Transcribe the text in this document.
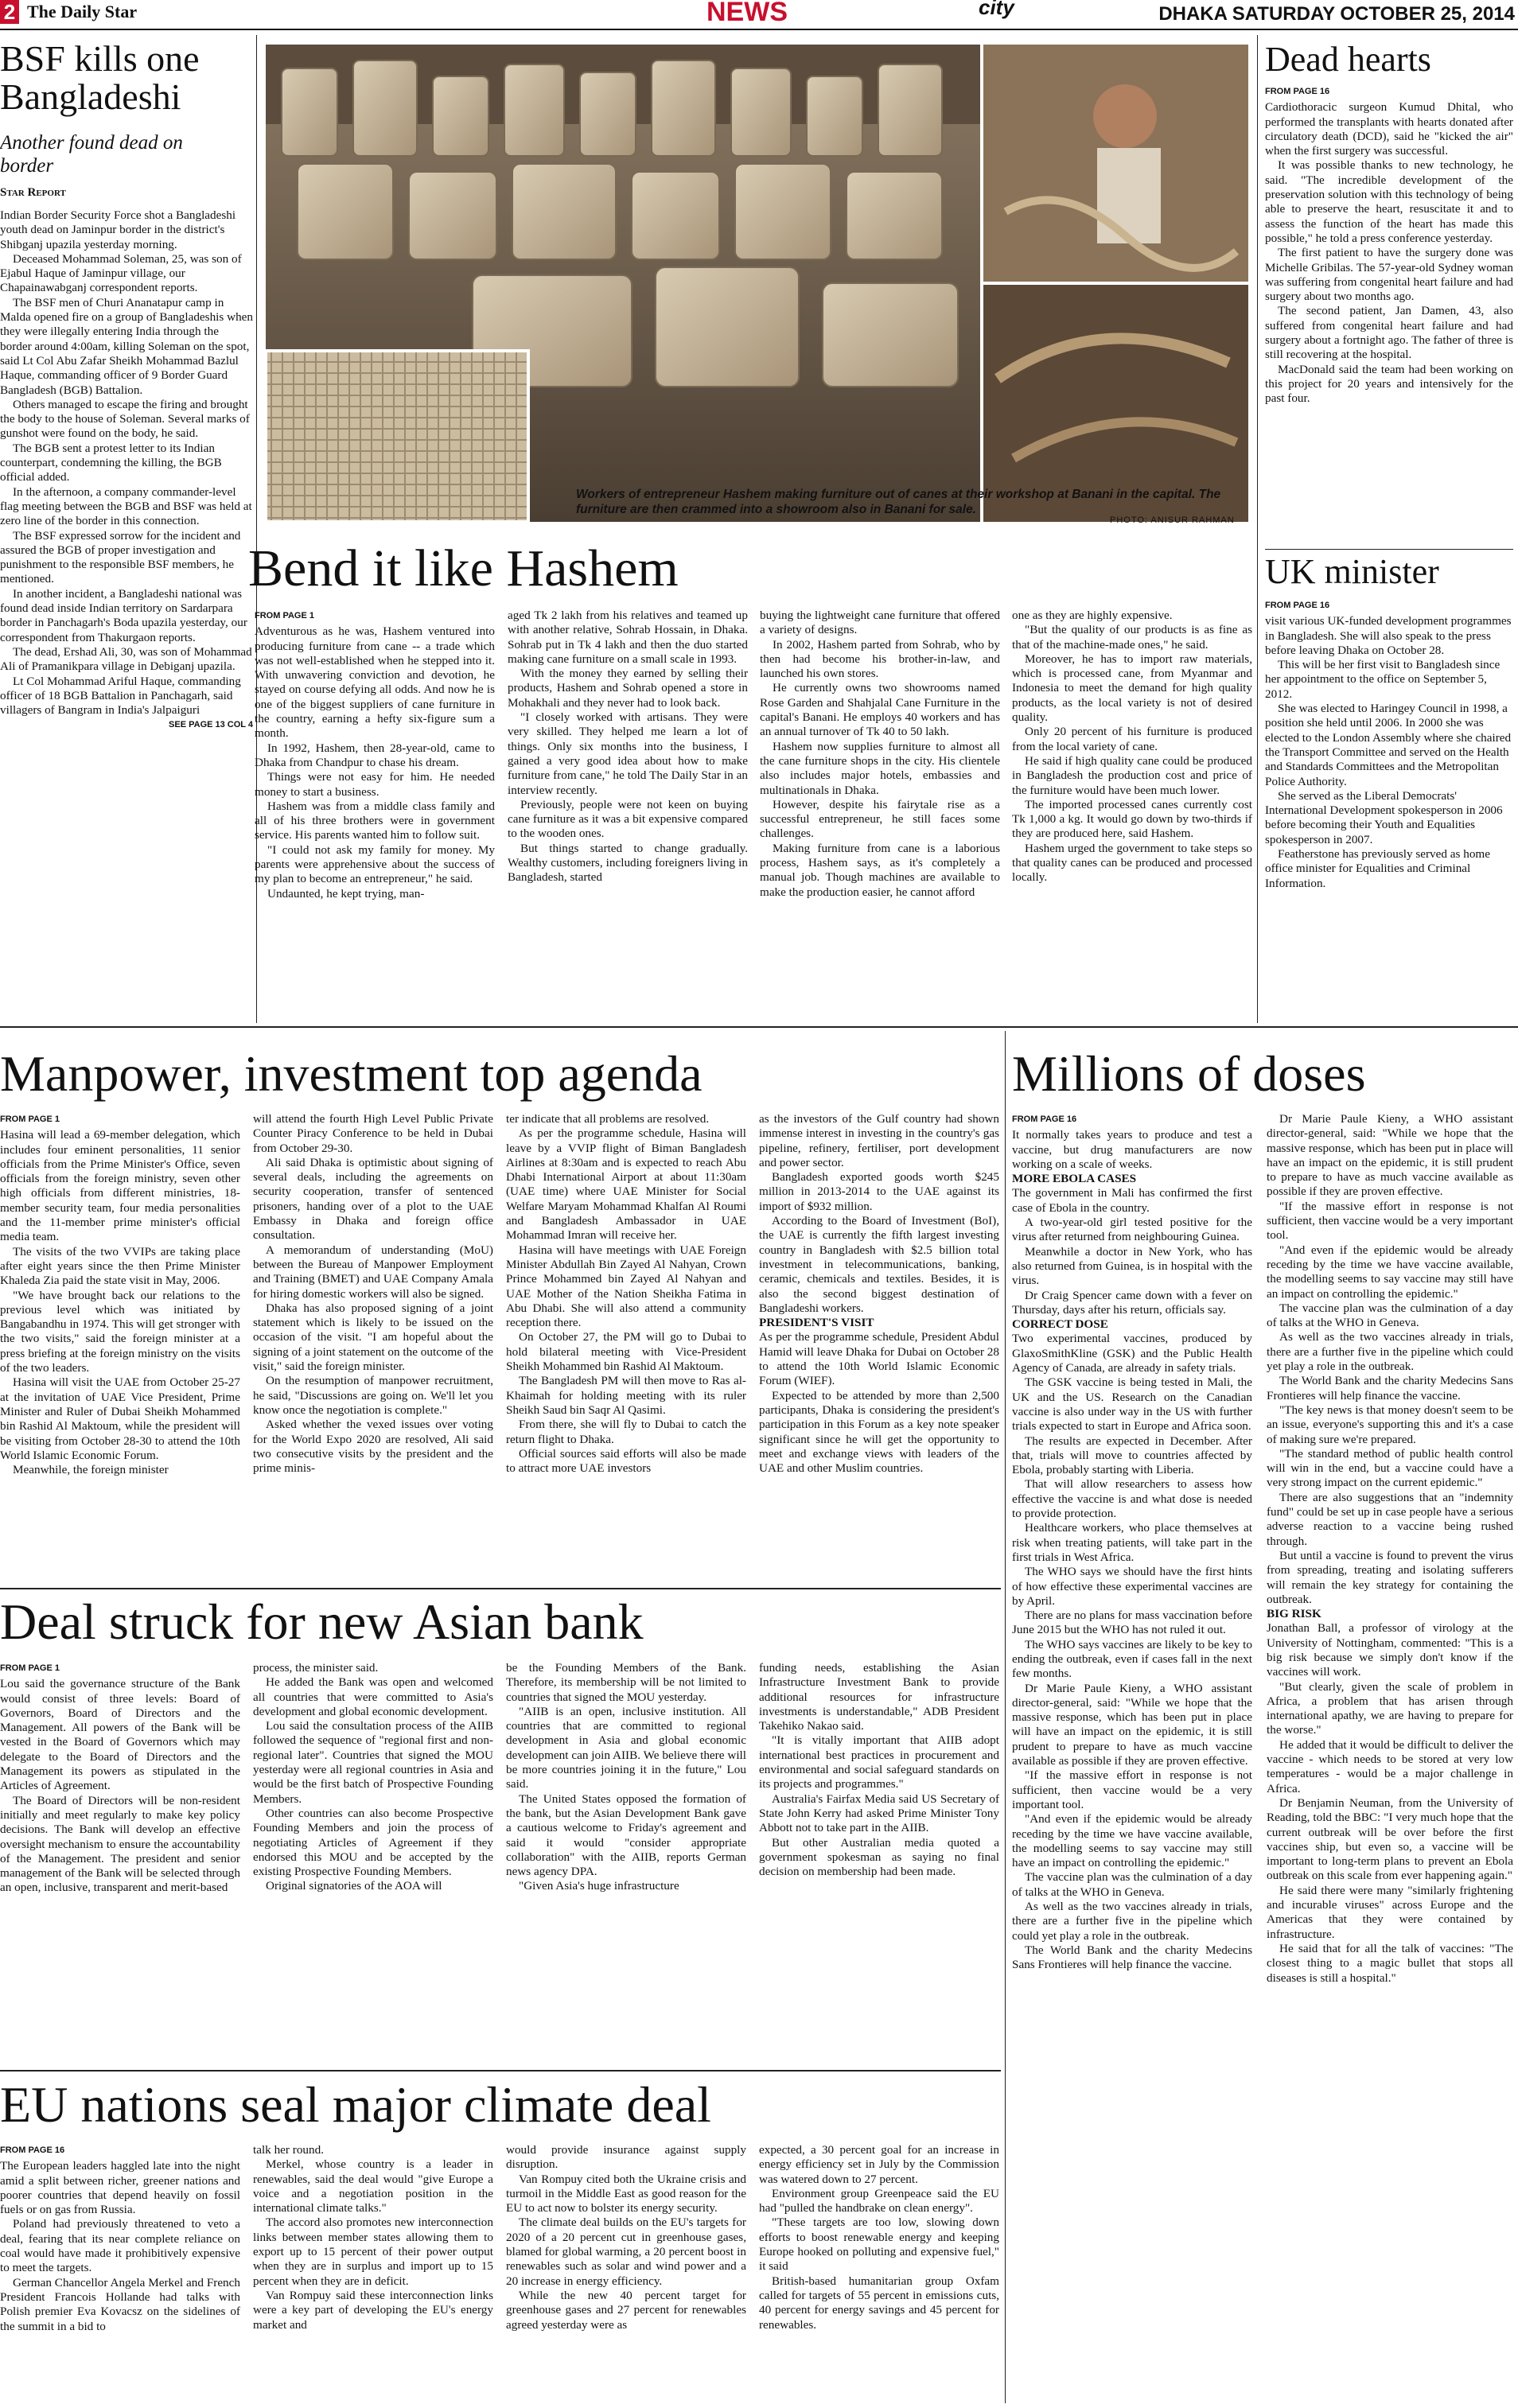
2 The Daily Star	NEWS	city	DHAKA SATURDAY OCTOBER 25, 2014
BSF kills one Bangladeshi
Another found dead on border
Star Report

Indian Border Security Force shot a Bangladeshi youth dead on Jaminpur border in the district's Shibganj upazila yesterday morning.

Deceased Mohammad Soleman, 25, was son of Ejabul Haque of Jaminpur village, our Chapainawabganj correspondent reports.

The BSF men of Churi Ananatapur camp in Malda opened fire on a group of Bangladeshis when they were illegally entering India through the border around 4:00am, killing Soleman on the spot, said Lt Col Abu Zafar Sheikh Mohammad Bazlul Haque, commanding officer of 9 Border Guard Bangladesh (BGB) Battalion.

Others managed to escape the firing and brought the body to the house of Soleman. Several marks of gunshot were found on the body, he said.

The BGB sent a protest letter to its Indian counterpart, condemning the killing, the BGB official added.

In the afternoon, a company commander-level flag meeting between the BGB and BSF was held at zero line of the border in this connection.

The BSF expressed sorrow for the incident and assured the BGB of proper investigation and punishment to the responsible BSF members, he mentioned.

In another incident, a Bangladeshi national was found dead inside Indian territory on Sardarpara border in Panchagarh's Boda upazila yesterday, our correspondent from Thakurgaon reports.

The dead, Ershad Ali, 30, was son of Mohammad Ali of Pramanikpara village in Debiganj upazila.

Lt Col Mohammad Ariful Haque, commanding officer of 18 BGB Battalion in Panchagarh, said villagers of Bangram in India's Jalpaiguri

SEE PAGE 13 COL 4
Workers of entrepreneur Hashem making furniture out of canes at their workshop at Banani in the capital. The furniture are then crammed into a showroom also in Banani for sale.
PHOTO: ANISUR RAHMAN
Bend it like Hashem
FROM PAGE 1

Adventurous as he was, Hashem ventured into producing furniture from cane -- a trade which was not well-established when he stepped into it. With unwavering conviction and devotion, he stayed on course defying all odds. And now he is one of the biggest suppliers of cane furniture in the country, earning a hefty six-figure sum a month.

In 1992, Hashem, then 28-year-old, came to Dhaka from Chandpur to chase his dream.

Things were not easy for him. He needed money to start a business.

Hashem was from a middle class family and all of his three brothers were in government service. His parents wanted him to follow suit.

"I could not ask my family for money. My parents were apprehensive about the success of my plan to become an entrepreneur," he said.

Undaunted, he kept trying, man-

aged Tk 2 lakh from his relatives and teamed up with another relative, Sohrab Hossain, in Dhaka. Sohrab put in Tk 4 lakh and then the duo started making cane furniture on a small scale in 1993.

With the money they earned by selling their products, Hashem and Sohrab opened a store in Mohakhali and they never had to look back.

"I closely worked with artisans. They were very skilled. They helped me learn a lot of things. Only six months into the business, I gained a very good idea about how to make furniture from cane," he told The Daily Star in an interview recently.

Previously, people were not keen on buying cane furniture as it was a bit expensive compared to the wooden ones.

But things started to change gradually. Wealthy customers, including foreigners living in Bangladesh, started

buying the lightweight cane furniture that offered a variety of designs.

In 2002, Hashem parted from Sohrab, who by then had become his brother-in-law, and launched his own stores.

He currently owns two showrooms named Rose Garden and Shahjalal Cane Furniture in the capital's Banani. He employs 40 workers and has an annual turnover of Tk 40 to 50 lakh.

Hashem now supplies furniture to almost all the cane furniture shops in the city. His clientele also includes major hotels, embassies and multinationals in Dhaka.

However, despite his fairytale rise as a successful entrepreneur, he still faces some challenges.

Making furniture from cane is a laborious process, Hashem says, as it's completely a manual job. Though machines are available to make the production easier, he cannot afford

one as they are highly expensive.

"But the quality of our products is as fine as that of the machine-made ones," he said.

Moreover, he has to import raw materials, which is processed cane, from Myanmar and Indonesia to meet the demand for high quality products, as the local variety is not of desired quality.

Only 20 percent of his furniture is produced from the local variety of cane.

He said if high quality cane could be produced in Bangladesh the production cost and price of the furniture would have been much lower.

The imported processed canes currently cost Tk 1,000 a kg. It would go down by two-thirds if they are produced here, said Hashem.

Hashem urged the government to take steps so that quality canes can be produced and processed locally.

Dead hearts
FROM PAGE 16

Cardiothoracic surgeon Kumud Dhital, who performed the transplants with hearts donated after circulatory death (DCD), said he "kicked the air" when the first surgery was successful.

It was possible thanks to new technology, he said. "The incredible development of the preservation solution with this technology of being able to preserve the heart, resuscitate it and to assess the function of the heart has made this possible," he told a press conference yesterday.

The first patient to have the surgery done was Michelle Gribilas. The 57-year-old Sydney woman was suffering from congenital heart failure and had surgery about two months ago.

The second patient, Jan Damen, 43, also suffered from congenital heart failure and had surgery about a fortnight ago. The father of three is still recovering at the hospital.

MacDonald said the team had been working on this project for 20 years and intensively for the past four.

UK minister
FROM PAGE 16

visit various UK-funded development programmes in Bangladesh. She will also speak to the press before leaving Dhaka on October 28.

This will be her first visit to Bangladesh since her appointment to the office on September 5, 2012.

She was elected to Haringey Council in 1998, a position she held until 2006. In 2000 she was elected to the London Assembly where she chaired the Transport Committee and served on the Health and Standards Committees and the Metropolitan Police Authority.

She served as the Liberal Democrats' International Development spokesperson in 2006 before becoming their Youth and Equalities spokesperson in 2007.

Featherstone has previously served as home office minister for Equalities and Criminal Information.

Manpower, investment top agenda
FROM PAGE 1

Hasina will lead a 69-member delegation, which includes four eminent personalities, 11 senior officials from the Prime Minister's Office, seven officials from the foreign ministry, seven other high officials from different ministries, 18-member security team, four media personalities and the 11-member prime minister's official media team.

The visits of the two VVIPs are taking place after eight years since the then Prime Minister Khaleda Zia paid the state visit in May, 2006.

"We have brought back our relations to the previous level which was initiated by Bangabandhu in 1974. This will get stronger with the two visits," said the foreign minister at a press briefing at the foreign ministry on the visits of the two leaders.

Hasina will visit the UAE from October 25-27 at the invitation of UAE Vice President, Prime Minister and Ruler of Dubai Sheikh Mohammed bin Rashid Al Maktoum, while the president will be visiting from October 28-30 to attend the 10th World Islamic Economic Forum.

Meanwhile, the foreign minister

will attend the fourth High Level Public Private Counter Piracy Conference to be held in Dubai from October 29-30.

Ali said Dhaka is optimistic about signing of several deals, including the agreements on security cooperation, transfer of sentenced prisoners, handing over of a plot to the UAE Embassy in Dhaka and foreign office consultation.

A memorandum of understanding (MoU) between the Bureau of Manpower Employment and Training (BMET) and UAE Company Amala for hiring domestic workers will also be signed.

Dhaka has also proposed signing of a joint statement which is likely to be issued on the occasion of the visit. "I am hopeful about the signing of a joint statement on the outcome of the visit," said the foreign minister.

On the resumption of manpower recruitment, he said, "Discussions are going on. We'll let you know once the negotiation is complete."

Asked whether the vexed issues over voting for the World Expo 2020 are resolved, Ali said two consecutive visits by the president and the prime minis-

ter indicate that all problems are resolved.

As per the programme schedule, Hasina will leave by a VVIP flight of Biman Bangladesh Airlines at 8:30am and is expected to reach Abu Dhabi International Airport at about 11:30am (UAE time) where UAE Minister for Social Welfare Maryam Mohammad Khalfan Al Roumi and Bangladesh Ambassador in UAE Mohammad Imran will receive her.

Hasina will have meetings with UAE Foreign Minister Abdullah Bin Zayed Al Nahyan, Crown Prince Mohammed bin Zayed Al Nahyan and UAE Mother of the Nation Sheikha Fatima in Abu Dhabi. She will also attend a community reception there.

On October 27, the PM will go to Dubai to hold bilateral meeting with Vice-President Sheikh Mohammed bin Rashid Al Maktoum.

The Bangladesh PM will then move to Ras al-Khaimah for holding meeting with its ruler Sheikh Saud bin Saqr Al Qasimi.

From there, she will fly to Dubai to catch the return flight to Dhaka.

Official sources said efforts will also be made to attract more UAE investors

as the investors of the Gulf country had shown immense interest in investing in the country's gas pipeline, refinery, fertiliser, port development and power sector.

Bangladesh exported goods worth $245 million in 2013-2014 to the UAE against its import of $932 million.

According to the Board of Investment (BoI), the UAE is currently the fifth largest investing country in Bangladesh with $2.5 billion total investment in telecommunications, banking, ceramic, chemicals and textiles. Besides, it is also the second biggest destination of Bangladeshi workers.

PRESIDENT'S VISIT

As per the programme schedule, President Abdul Hamid will leave Dhaka for Dubai on October 28 to attend the 10th World Islamic Economic Forum (WIEF).

Expected to be attended by more than 2,500 participants, Dhaka is considering the president's participation in this Forum as a key note speaker significant since he will get the opportunity to meet and exchange views with leaders of the UAE and other Muslim countries.

Millions of doses
FROM PAGE 16

It normally takes years to produce and test a vaccine, but drug manufacturers are now working on a scale of weeks.

MORE EBOLA CASES

The government in Mali has confirmed the first case of Ebola in the country.

A two-year-old girl tested positive for the virus after returned from neighbouring Guinea.

Meanwhile a doctor in New York, who has also returned from Guinea, is in hospital with the virus.

Dr Craig Spencer came down with a fever on Thursday, days after his return, officials say.

CORRECT DOSE

Two experimental vaccines, produced by GlaxoSmithKline (GSK) and the Public Health Agency of Canada, are already in safety trials.

The GSK vaccine is being tested in Mali, the UK and the US. Research on the Canadian vaccine is also under way in the US with further trials expected to start in Europe and Africa soon.

The results are expected in December. After that, trials will move to countries affected by Ebola, probably starting with Liberia.

That will allow researchers to assess how effective the vaccine is and what dose is needed to provide protection.

Healthcare workers, who place themselves at risk when treating patients, will take part in the first trials in West Africa.

The WHO says we should have the first hints of how effective these experimental vaccines are by April.

There are no plans for mass vaccination before June 2015 but the WHO has not ruled it out.

The WHO says vaccines are likely to be key to ending the outbreak, even if cases fall in the next few months.

Dr Marie Paule Kieny, a WHO assistant director-general, said: "While we hope that the massive response, which has been put in place will have an impact on the epidemic, it is still prudent to prepare to have as much vaccine available as possible if they are proven effective.

"If the massive effort in response is not sufficient, then vaccine would be a very important tool.

"And even if the epidemic would be already receding by the time we have vaccine available, the modelling seems to say vaccine may still have an impact on controlling the epidemic."

The vaccine plan was the culmination of a day of talks at the WHO in Geneva.

As well as the two vaccines already in trials, there are a further five in the pipeline which could yet play a role in the outbreak.

The World Bank and the charity Medecins Sans Frontieres will help finance the vaccine.

Dr Marie Paule Kieny, a WHO assistant director-general, said: "While we hope that the massive response, which has been put in place will have an impact on the epidemic, it is still prudent to prepare to have as much vaccine available as possible if they are proven effective.

"If the massive effort in response is not sufficient, then vaccine would be a very important tool.

"And even if the epidemic would be already receding by the time we have vaccine available, the modelling seems to say vaccine may still have an impact on controlling the epidemic."

The vaccine plan was the culmination of a day of talks at the WHO in Geneva.

As well as the two vaccines already in trials, there are a further five in the pipeline which could yet play a role in the outbreak.

The World Bank and the charity Medecins Sans Frontieres will help finance the vaccine.

"The key news is that money doesn't seem to be an issue, everyone's supporting this and it's a case of making sure we're prepared.

"The standard method of public health control will win in the end, but a vaccine could have a very strong impact on the current epidemic."

There are also suggestions that an "indemnity fund" could be set up in case people have a serious adverse reaction to a vaccine being rushed through.

But until a vaccine is found to prevent the virus from spreading, treating and isolating sufferers will remain the key strategy for containing the outbreak.

BIG RISK

Jonathan Ball, a professor of virology at the University of Nottingham, commented: "This is a big risk because we simply don't know if the vaccines will work.

"But clearly, given the scale of problem in Africa, a problem that has arisen through international apathy, we are having to prepare for the worse."

He added that it would be difficult to deliver the vaccine - which needs to be stored at very low temperatures - would be a major challenge in Africa.

Dr Benjamin Neuman, from the University of Reading, told the BBC: "I very much hope that the current outbreak will be over before the first vaccines ship, but even so, a vaccine will be important to long-term plans to prevent an Ebola outbreak on this scale from ever happening again."

He said there were many "similarly frightening and incurable viruses" across Europe and the Americas that they were contained by infrastructure.

He said that for all the talk of vaccines: "The closest thing to a magic bullet that stops all diseases is still a hospital."

Deal struck for new Asian bank
FROM PAGE 1

Lou said the governance structure of the Bank would consist of three levels: Board of Governors, Board of Directors and the Management. All powers of the Bank will be vested in the Board of Governors which may delegate to the Board of Directors and the Management its powers as stipulated in the Articles of Agreement.

The Board of Directors will be non-resident initially and meet regularly to make key policy decisions. The Bank will develop an effective oversight mechanism to ensure the accountability of the Management. The president and senior management of the Bank will be selected through an open, inclusive, transparent and merit-based

process, the minister said.

He added the Bank was open and welcomed all countries that were committed to Asia's development and global economic development.

Lou said the consultation process of the AIIB followed the sequence of "regional first and non-regional later". Countries that signed the MOU yesterday were all regional countries in Asia and would be the first batch of Prospective Founding Members.

Other countries can also become Prospective Founding Members and join the process of negotiating Articles of Agreement if they endorsed this MOU and be accepted by the existing Prospective Founding Members.

Original signatories of the AOA will

be the Founding Members of the Bank. Therefore, its membership will be not limited to countries that signed the MOU yesterday.

"AIIB is an open, inclusive institution. All countries that are committed to regional development in Asia and global economic development can join AIIB. We believe there will be more countries joining it in the future," Lou said.

The United States opposed the formation of the bank, but the Asian Development Bank gave a cautious welcome to Friday's agreement and said it would "consider appropriate collaboration" with the AIIB, reports German news agency DPA.

"Given Asia's huge infrastructure

funding needs, establishing the Asian Infrastructure Investment Bank to provide additional resources for infrastructure investments is understandable," ADB President Takehiko Nakao said.

"It is vitally important that AIIB adopt international best practices in procurement and environmental and social safeguard standards on its projects and programmes."

Australia's Fairfax Media said US Secretary of State John Kerry had asked Prime Minister Tony Abbott not to take part in the AIIB.

But other Australian media quoted a government spokesman as saying no final decision on membership had been made.

EU nations seal major climate deal
FROM PAGE 16

The European leaders haggled late into the night amid a split between richer, greener nations and poorer countries that depend heavily on fossil fuels or on gas from Russia.

Poland had previously threatened to veto a deal, fearing that its near complete reliance on coal would have made it prohibitively expensive to meet the targets.

German Chancellor Angela Merkel and French President Francois Hollande had talks with Polish premier Eva Kovacsz on the sidelines of the summit in a bid to

talk her round.

Merkel, whose country is a leader in renewables, said the deal would "give Europe a voice and a negotiation position in the international climate talks."

The accord also promotes new interconnection links between member states allowing them to export up to 15 percent of their power output when they are in surplus and import up to 15 percent when they are in deficit.

Van Rompuy said these interconnection links were a key part of developing the EU's energy market and

would provide insurance against supply disruption.

Van Rompuy cited both the Ukraine crisis and turmoil in the Middle East as good reason for the EU to act now to bolster its energy security.

The climate deal builds on the EU's targets for 2020 of a 20 percent cut in greenhouse gases, blamed for global warming, a 20 percent boost in renewables such as solar and wind power and a 20 increase in energy efficiency.

While the new 40 percent target for greenhouse gases and 27 percent for renewables agreed yesterday were as

expected, a 30 percent goal for an increase in energy efficiency set in July by the Commission was watered down to 27 percent.

Environment group Greenpeace said the EU had "pulled the handbrake on clean energy".

"These targets are too low, slowing down efforts to boost renewable energy and keeping Europe hooked on polluting and expensive fuel," it said

British-based humanitarian group Oxfam called for targets of 55 percent in emissions cuts, 40 percent for energy savings and 45 percent for renewables.
